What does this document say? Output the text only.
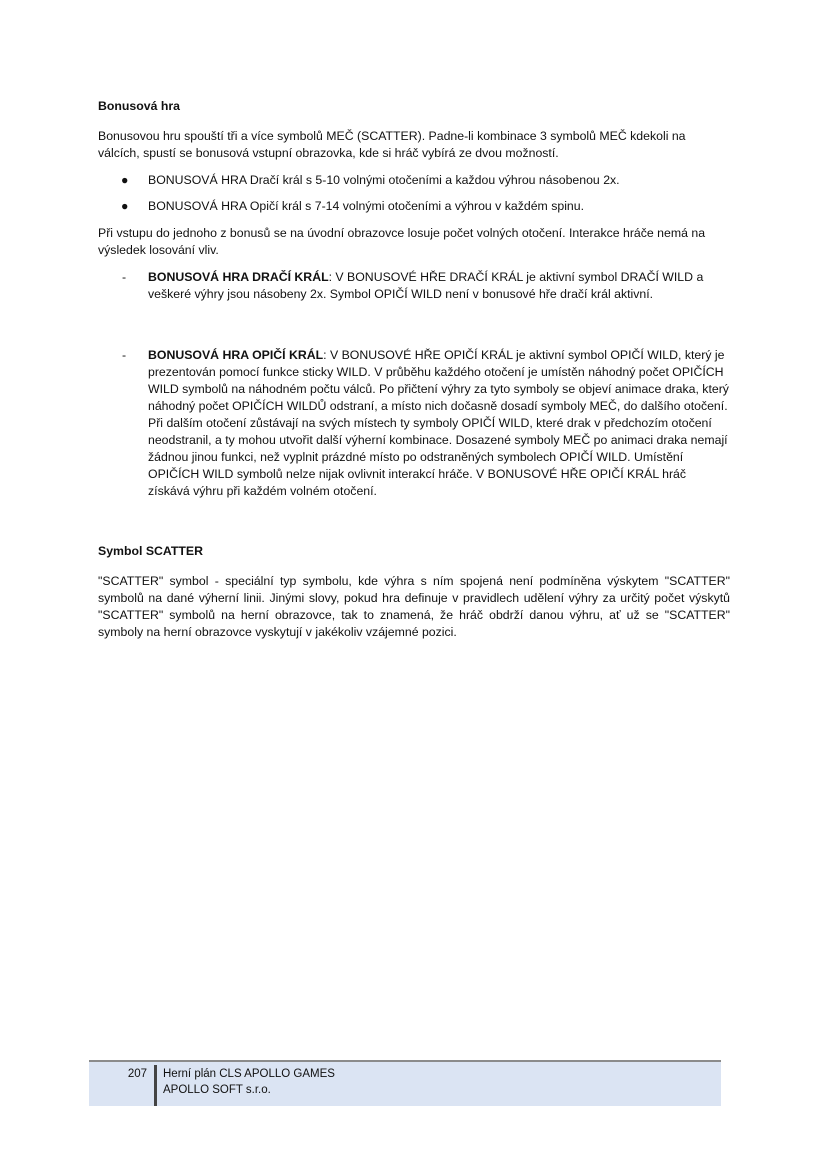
Bonusová hra

Bonusovou hru spouští tři a více symbolů MEČ (SCATTER). Padne-li kombinace 3 symbolů MEČ kdekoli na válcích, spustí se bonusová vstupní obrazovka, kde si hráč vybírá ze dvou možností.

● BONUSOVÁ HRA Dračí král s 5-10 volnými otočeními a každou výhrou násobenou 2x.
● BONUSOVÁ HRA Opičí král s 7-14 volnými otočeními a výhrou v každém spinu.

Při vstupu do jednoho z bonusů se na úvodní obrazovce losuje počet volných otočení. Interakce hráče nemá na výsledek losování vliv.

- BONUSOVÁ HRA DRAČÍ KRÁL: V BONUSOVÉ HŘE DRAČÍ KRÁL je aktivní symbol DRAČÍ WILD a veškeré výhry jsou násobeny 2x. Symbol OPIČÍ WILD není v bonusové hře dračí král aktivní.
- BONUSOVÁ HRA OPIČÍ KRÁL: V BONUSOVÉ HŘE OPIČÍ KRÁL je aktivní symbol OPIČÍ WILD, který je prezentován pomocí funkce sticky WILD. V průběhu každého otočení je umístěn náhodný počet OPIČÍCH WILD symbolů na náhodném počtu válců. Po přičtení výhry za tyto symboly se objeví animace draka, který náhodný počet OPIČÍCH WILDŮ odstraní, a místo nich dočasně dosadí symboly MEČ, do dalšího otočení. Při dalším otočení zůstávají na svých místech ty symboly OPIČÍ WILD, které drak v předchozím otočení neodstranil, a ty mohou utvořit další výherní kombinace. Dosazené symboly MEČ po animaci draka nemají žádnou jinou funkci, než vyplnit prázdné místo po odstraněných symbolech OPIČÍ WILD. Umístění OPIČÍCH WILD symbolů nelze nijak ovlivnit interakcí hráče. V BONUSOVÉ HŘE OPIČÍ KRÁL hráč získává výhru při každém volném otočení.
Symbol SCATTER

"SCATTER" symbol - speciální typ symbolu, kde výhra s ním spojená není podmíněna výskytem "SCATTER" symbolů na dané výherní linii. Jinými slovy, pokud hra definuje v pravidlech udělení výhry za určitý počet výskytů "SCATTER" symbolů na herní obrazovce, tak to znamená, že hráč obdrží danou výhru, ať už se "SCATTER" symboly na herní obrazovce vyskytují v jakékoliv vzájemné pozici.

207 Herní plán CLS APOLLO GAMES
APOLLO SOFT s.r.o.
